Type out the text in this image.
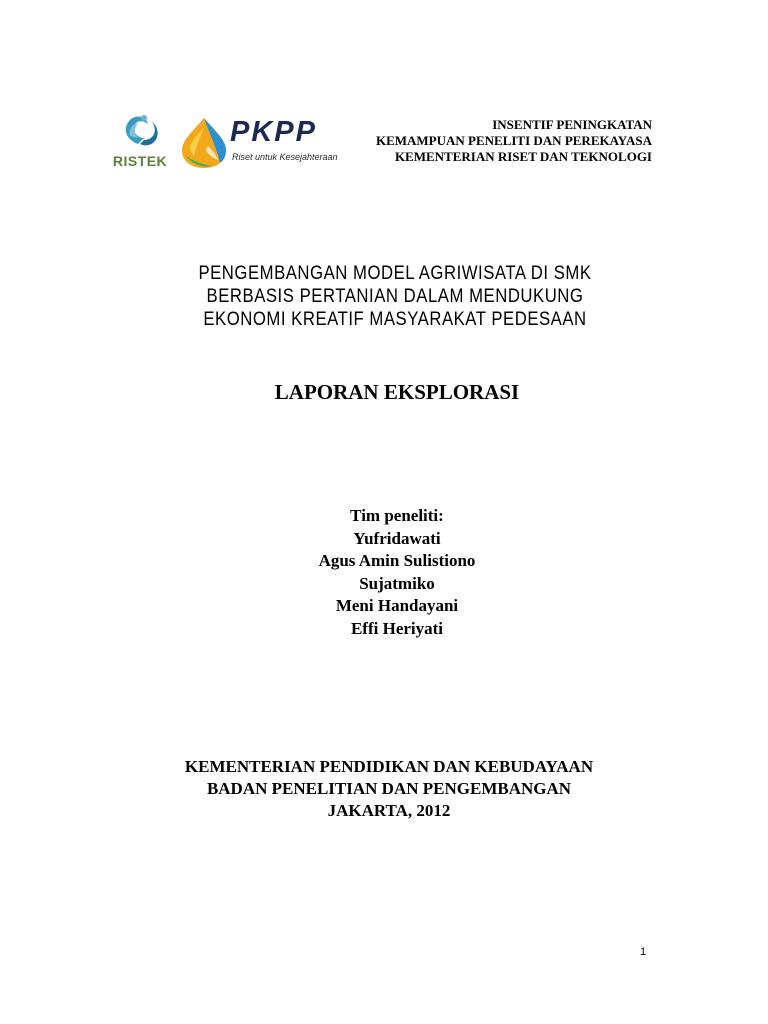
RISTEK
PKPP
Riset untuk Kesejahteraan
INSENTIF PENINGKATAN
KEMAMPUAN PENELITI DAN PEREKAYASA
KEMENTERIAN RISET DAN TEKNOLOGI
PENGEMBANGAN MODEL AGRIWISATA DI SMK
BERBASIS PERTANIAN DALAM MENDUKUNG
EKONOMI KREATIF MASYARAKAT PEDESAAN
LAPORAN EKSPLORASI
Tim peneliti:
Yufridawati
Agus Amin Sulistiono
Sujatmiko
Meni Handayani
Effi Heriyati
KEMENTERIAN PENDIDIKAN DAN KEBUDAYAAN
BADAN PENELITIAN DAN PENGEMBANGAN
JAKARTA, 2012
1
